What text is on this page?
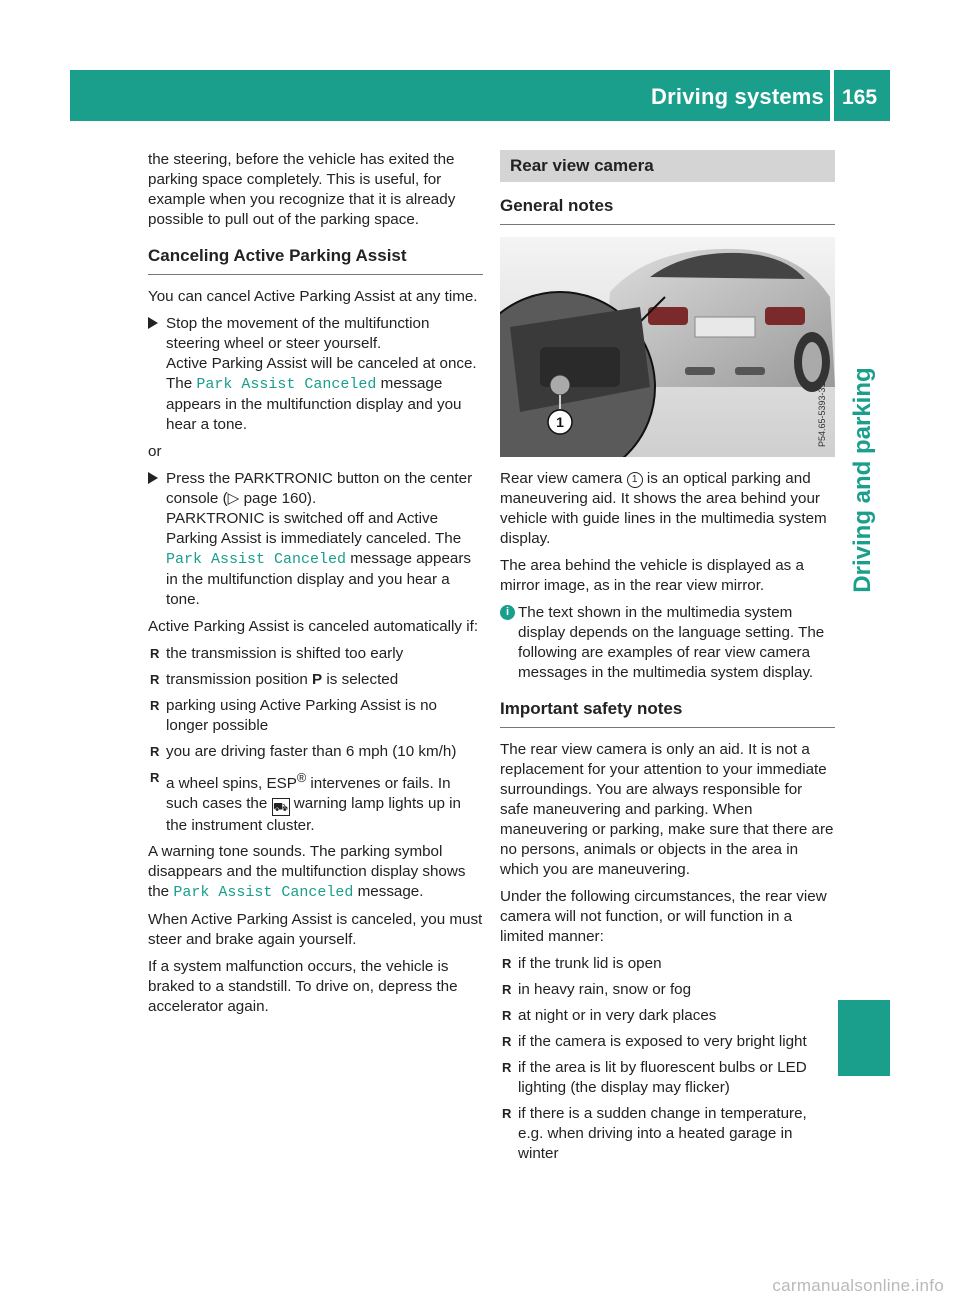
Driving systems 165
Driving and parking

the steering, before the vehicle has exited the parking space completely. This is useful, for example when you recognize that it is already possible to pull out of the parking space.

Canceling Active Parking Assist

You can cancel Active Parking Assist at any time.

Stop the movement of the multifunction steering wheel or steer yourself.
Active Parking Assist will be canceled at once.
The Park Assist Canceled message appears in the multifunction display and you hear a tone.

or

Press the PARKTRONIC button on the center console (▷ page 160).
PARKTRONIC is switched off and Active Parking Assist is immediately canceled. The Park Assist Canceled message appears in the multifunction display and you hear a tone.

Active Parking Assist is canceled automatically if:

R the transmission is shifted too early
R transmission position P is selected
R parking using Active Parking Assist is no longer possible
R you are driving faster than 6 mph (10 km/h)
R a wheel spins, ESP® intervenes or fails. In such cases the ⛟ warning lamp lights up in the instrument cluster.

A warning tone sounds. The parking symbol disappears and the multifunction display shows the Park Assist Canceled message.

When Active Parking Assist is canceled, you must steer and brake again yourself.

If a system malfunction occurs, the vehicle is braked to a standstill. To drive on, depress the accelerator again.

Rear view camera
General notes
1	P54.65-5393-31

Rear view camera 1 is an optical parking and maneuvering aid. It shows the area behind your vehicle with guide lines in the multimedia system display.

The area behind the vehicle is displayed as a mirror image, as in the rear view mirror.

i The text shown in the multimedia system display depends on the language setting. The following are examples of rear view camera messages in the multimedia system display.
Important safety notes

The rear view camera is only an aid. It is not a replacement for your attention to your immediate surroundings. You are always responsible for safe maneuvering and parking. When maneuvering or parking, make sure that there are no persons, animals or objects in the area in which you are maneuvering.

Under the following circumstances, the rear view camera will not function, or will function in a limited manner:

R if the trunk lid is open
R in heavy rain, snow or fog
R at night or in very dark places
R if the camera is exposed to very bright light
R if the area is lit by fluorescent bulbs or LED lighting (the display may flicker)
R if there is a sudden change in temperature, e.g. when driving into a heated garage in winter
carmanualsonline.info
